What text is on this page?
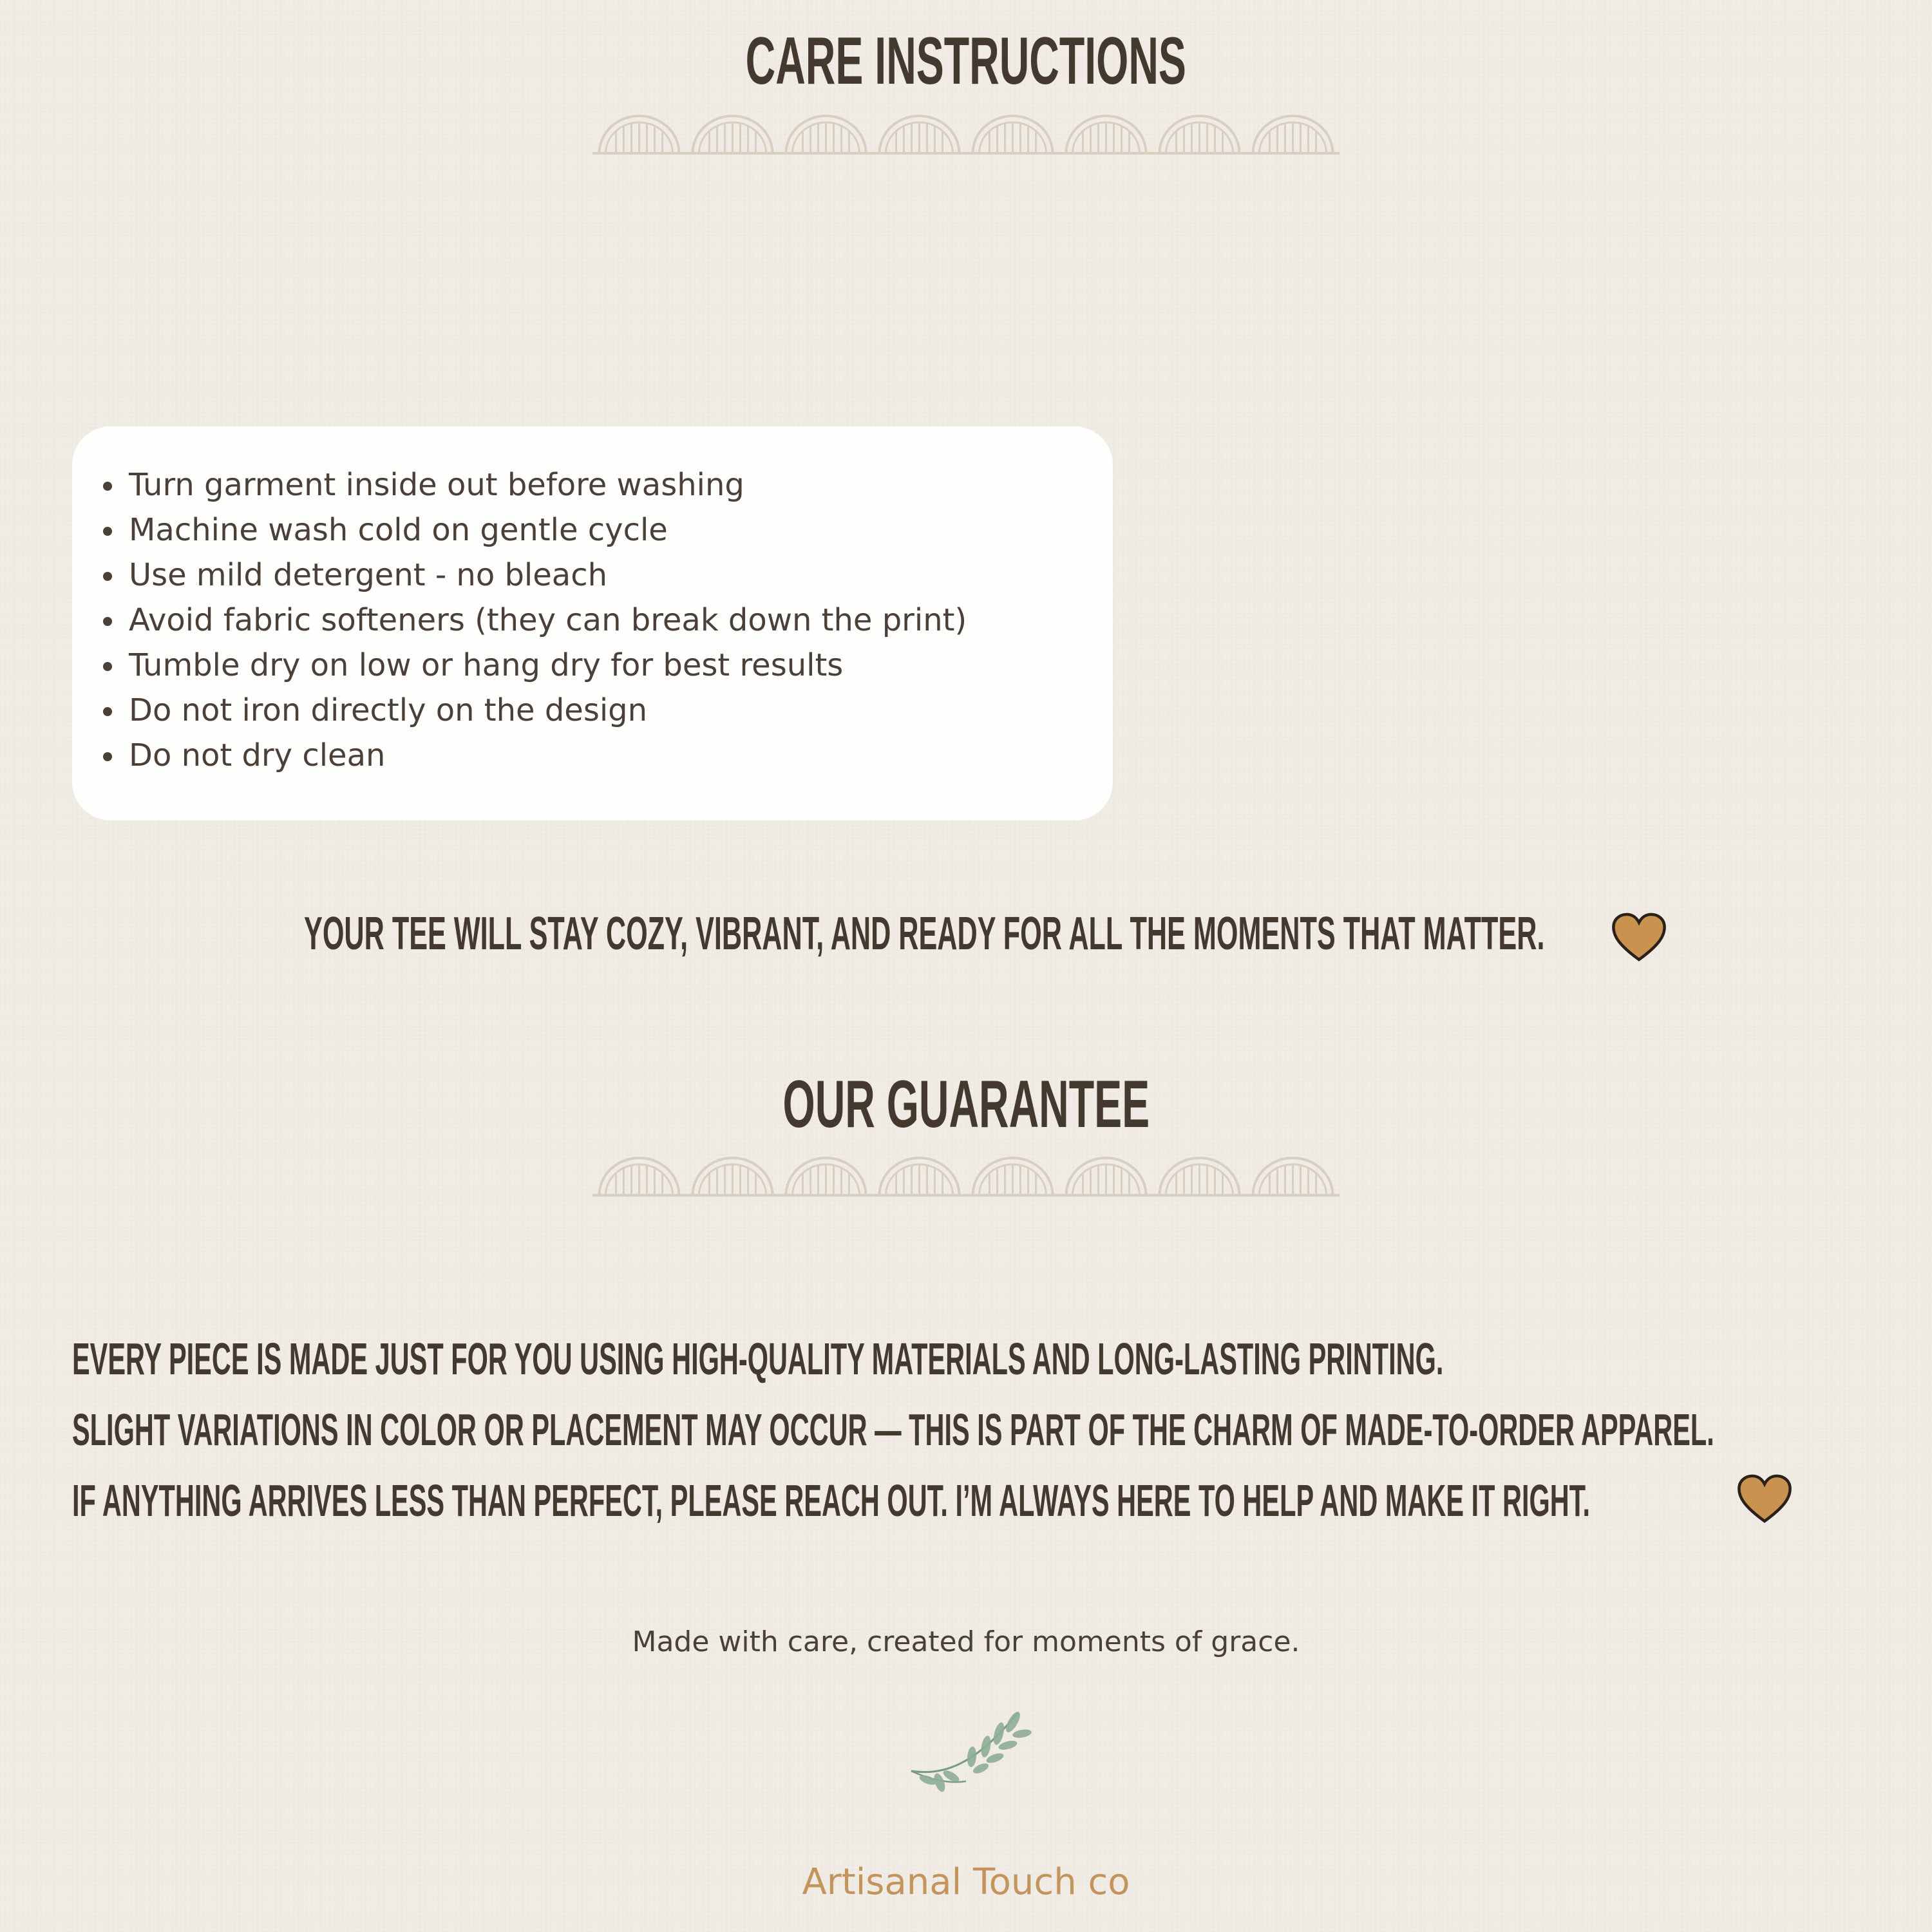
CARE INSTRUCTIONS
Turn garment inside out before washing
Machine wash cold on gentle cycle
Use mild detergent - no bleach
Avoid fabric softeners (they can break down the print)
Tumble dry on low or hang dry for best results
Do not iron directly on the design
Do not dry clean
YOUR TEE WILL STAY COZY, VIBRANT, AND READY FOR ALL THE MOMENTS THAT MATTER.
OUR GUARANTEE
EVERY PIECE IS MADE JUST FOR YOU USING HIGH-QUALITY MATERIALS AND LONG-LASTING PRINTING.
SLIGHT VARIATIONS IN COLOR OR PLACEMENT MAY OCCUR — THIS IS PART OF THE CHARM OF MADE-TO-ORDER APPAREL.
IF ANYTHING ARRIVES LESS THAN PERFECT, PLEASE REACH OUT. I’M ALWAYS HERE TO HELP AND MAKE IT RIGHT.
Made with care, created for moments of grace.
Artisanal Touch co
